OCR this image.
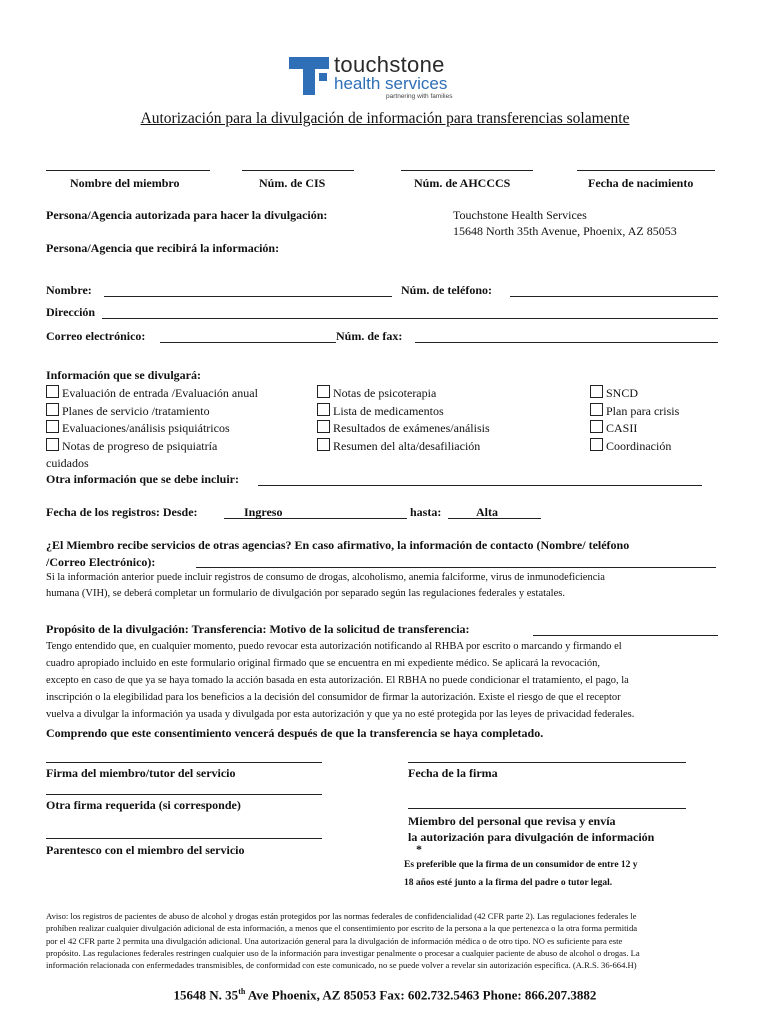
touchstone
health services
partnering with families
Autorización para la divulgación de información para transferencias solamente
Nombre del miembro	Núm. de CIS	Núm. de AHCCCS	Fecha de nacimiento
Persona/Agencia autorizada para hacer la divulgación:	Touchstone Health Services
15648 North 35th Avenue, Phoenix, AZ 85053
Persona/Agencia que recibirá la información:
Nombre:	Núm. de teléfono:
Dirección
Correo electrónico:	Núm. de fax:
Información que se divulgará:
Evaluación de entrada /Evaluación anual
Planes de servicio /tratamiento
Evaluaciones/análisis psiquiátricos
Notas de progreso de psiquiatría
cuidados
Notas de psicoterapia
Lista de medicamentos
Resultados de exámenes/análisis
Resumen del alta/desafiliación
SNCD
Plan para crisis
CASII
Coordinación
Otra información que se debe incluir:
Fecha de los registros: Desde:	Ingreso	hasta:	Alta
¿El Miembro recibe servicios de otras agencias? En caso afirmativo, la información de contacto (Nombre/ teléfono
/Correo Electrónico):
Si la información anterior puede incluir registros de consumo de drogas, alcoholismo, anemia falciforme, virus de inmunodeficiencia
humana (VIH), se deberá completar un formulario de divulgación por separado según las regulaciones federales y estatales.
Propósito de la divulgación: Transferencia: Motivo de la solicitud de transferencia:
Tengo entendido que, en cualquier momento, puedo revocar esta autorización notificando al RHBA por escrito o marcando y firmando el
cuadro apropiado incluido en este formulario original firmado que se encuentra en mi expediente médico. Se aplicará la revocación,
excepto en caso de que ya se haya tomado la acción basada en esta autorización. El RBHA no puede condicionar el tratamiento, el pago, la
inscripción o la elegibilidad para los beneficios a la decisión del consumidor de firmar la autorización. Existe el riesgo de que el receptor
vuelva a divulgar la información ya usada y divulgada por esta autorización y que ya no esté protegida por las leyes de privacidad federales.
Comprendo que este consentimiento vencerá después de que la transferencia se haya completado.
Firma del miembro/tutor del servicio	Fecha de la firma
Otra firma requerida (si corresponde)
Miembro del personal que revisa y envía
la autorización para divulgación de información
*
Parentesco con el miembro del servicio
Es preferible que la firma de un consumidor de entre 12 y
18 años esté junto a la firma del padre o tutor legal.
Aviso: los registros de pacientes de abuso de alcohol y drogas están protegidos por las normas federales de confidencialidad (42 CFR parte 2). Las regulaciones federales le
prohíben realizar cualquier divulgación adicional de esta información, a menos que el consentimiento por escrito de la persona a la que pertenezca o la otra forma permitida
por el 42 CFR parte 2 permita una divulgación adicional. Una autorización general para la divulgación de información médica o de otro tipo. NO es suficiente para este
propósito. Las regulaciones federales restringen cualquier uso de la información para investigar penalmente o procesar a cualquier paciente de abuso de alcohol o drogas. La
información relacionada con enfermedades transmisibles, de conformidad con este comunicado, no se puede volver a revelar sin autorización específica. (A.R.S. 36-664.H)
15648 N. 35th Ave Phoenix, AZ 85053 Fax: 602.732.5463 Phone: 866.207.3882
